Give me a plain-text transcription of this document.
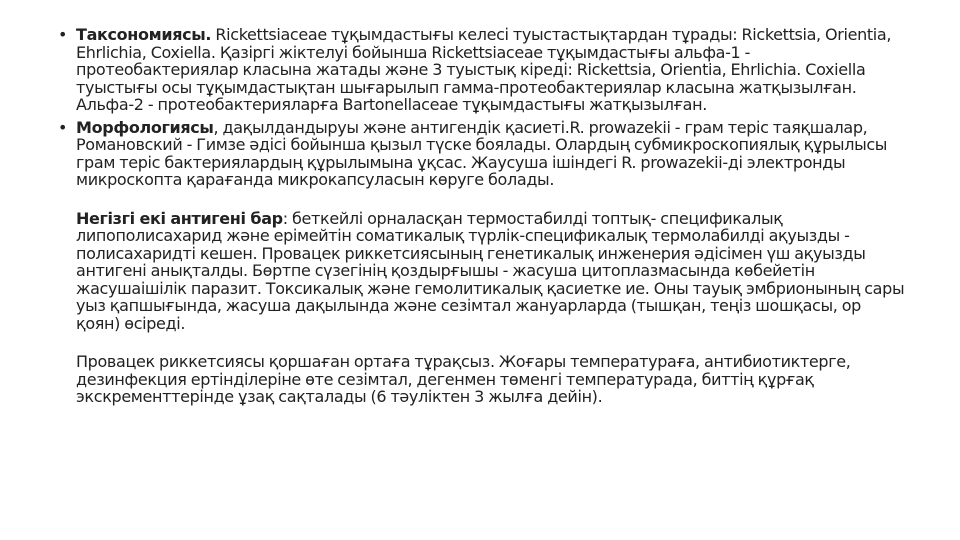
• Таксономиясы. Rickettsiaceae тұқымдастығы келесі туыстастықтардан тұрады: Rickettsia, Orientia, Ehrlichia, Coxiella. Қазіргі жіктелуі бойынша Rickettsiaceae тұқымдастығы альфа-1 - протеобактериялар класына жатады және 3 туыстық кіреді: Rickettsia, Orientia, Ehrlichia. Coxiella туыстығы осы тұқымдастықтан шығарылып гамма-протеобактериялар класына жатқызылған. Альфа-2 - протеобактерияларға Bartonellaceae тұқымдастығы жатқызылған.

• Морфологиясы, дақылдандыруы және антигендік қасиеті.R. prowazekii - грам теріс таяқшалар, Романовский - Гимзе әдісі бойынша қызыл түске боялады. Олардың субмикроскопиялық құрылысы грам теріс бактериялардың құрылымына ұқсас. Жаусуша ішіндегі R. prowazekii-ді электронды микроскопта қарағанда микрокапсуласын көруге болады.

Негізгі екі антигені бар: беткейлі орналасқан термостабилді топтық- спецификалық липополисахарид және ерімейтін соматикалық түрлік-спецификалық термолабилді ақуызды - полисахаридті кешен. Провацек риккетсиясының генетикалық инженерия әдісімен үш ақуызды антигені анықталды. Бөртпе сүзегінің қоздырғышы - жасуша цитоплазмасында көбейетін жасушаішілік паразит. Токсикалық және гемолитикалық қасиетке ие. Оны тауық эмбрионының сары уыз қапшығында, жасуша дақылында және сезімтал жануарларда (тышқан, теңіз шошқасы, ор қоян) өсіреді.

Провацек риккетсиясы қоршаған ортаға тұрақсыз. Жоғары температураға, антибиотиктерге, дезинфекция ертінділеріне өте сезімтал, дегенмен төменгі температурада, биттің құрғақ экскременттерінде ұзақ сақталады (6 тәуліктен 3 жылға дейін).
